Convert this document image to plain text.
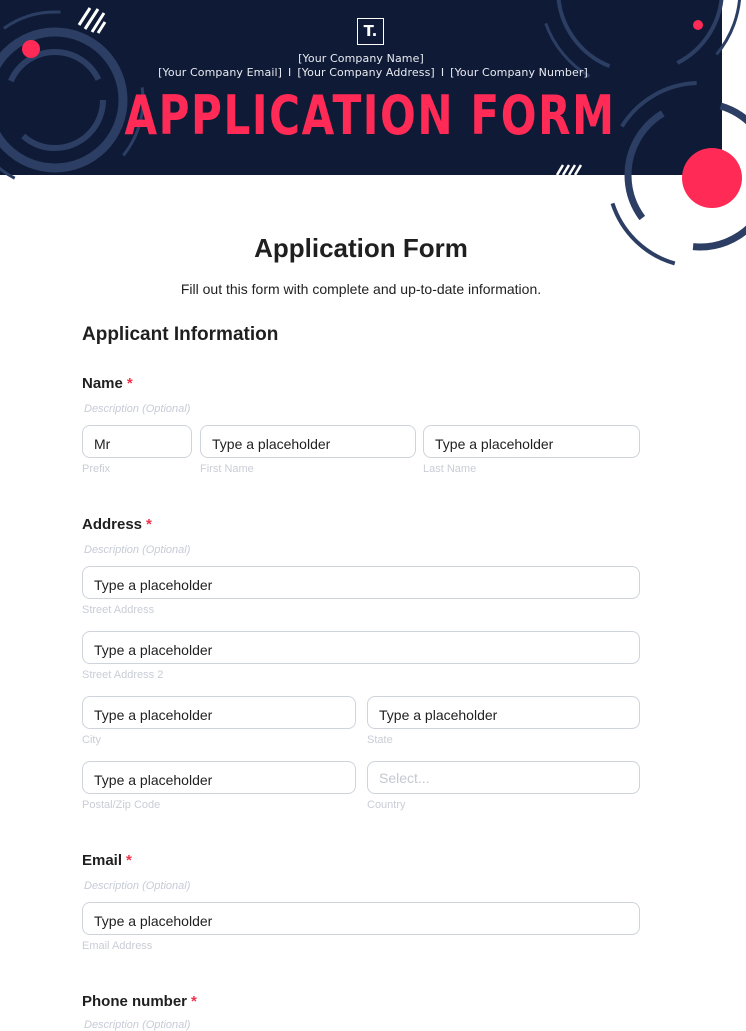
T.
[Your Company Name]
[Your Company Email] I [Your Company Address] I [Your Company Number]
APPLICATION FORM
Application Form
Fill out this form with complete and up-to-date information.
Applicant Information
Name *
Description (Optional)
Mr
Prefix
Type a placeholder
First Name
Type a placeholder
Last Name
Address *
Description (Optional)
Type a placeholder
Street Address
Type a placeholder
Street Address 2
Type a placeholder
City
Type a placeholder
State
Type a placeholder
Postal/Zip Code
Select...
Country
Email *
Description (Optional)
Type a placeholder
Email Address
Phone number *
Description (Optional)
